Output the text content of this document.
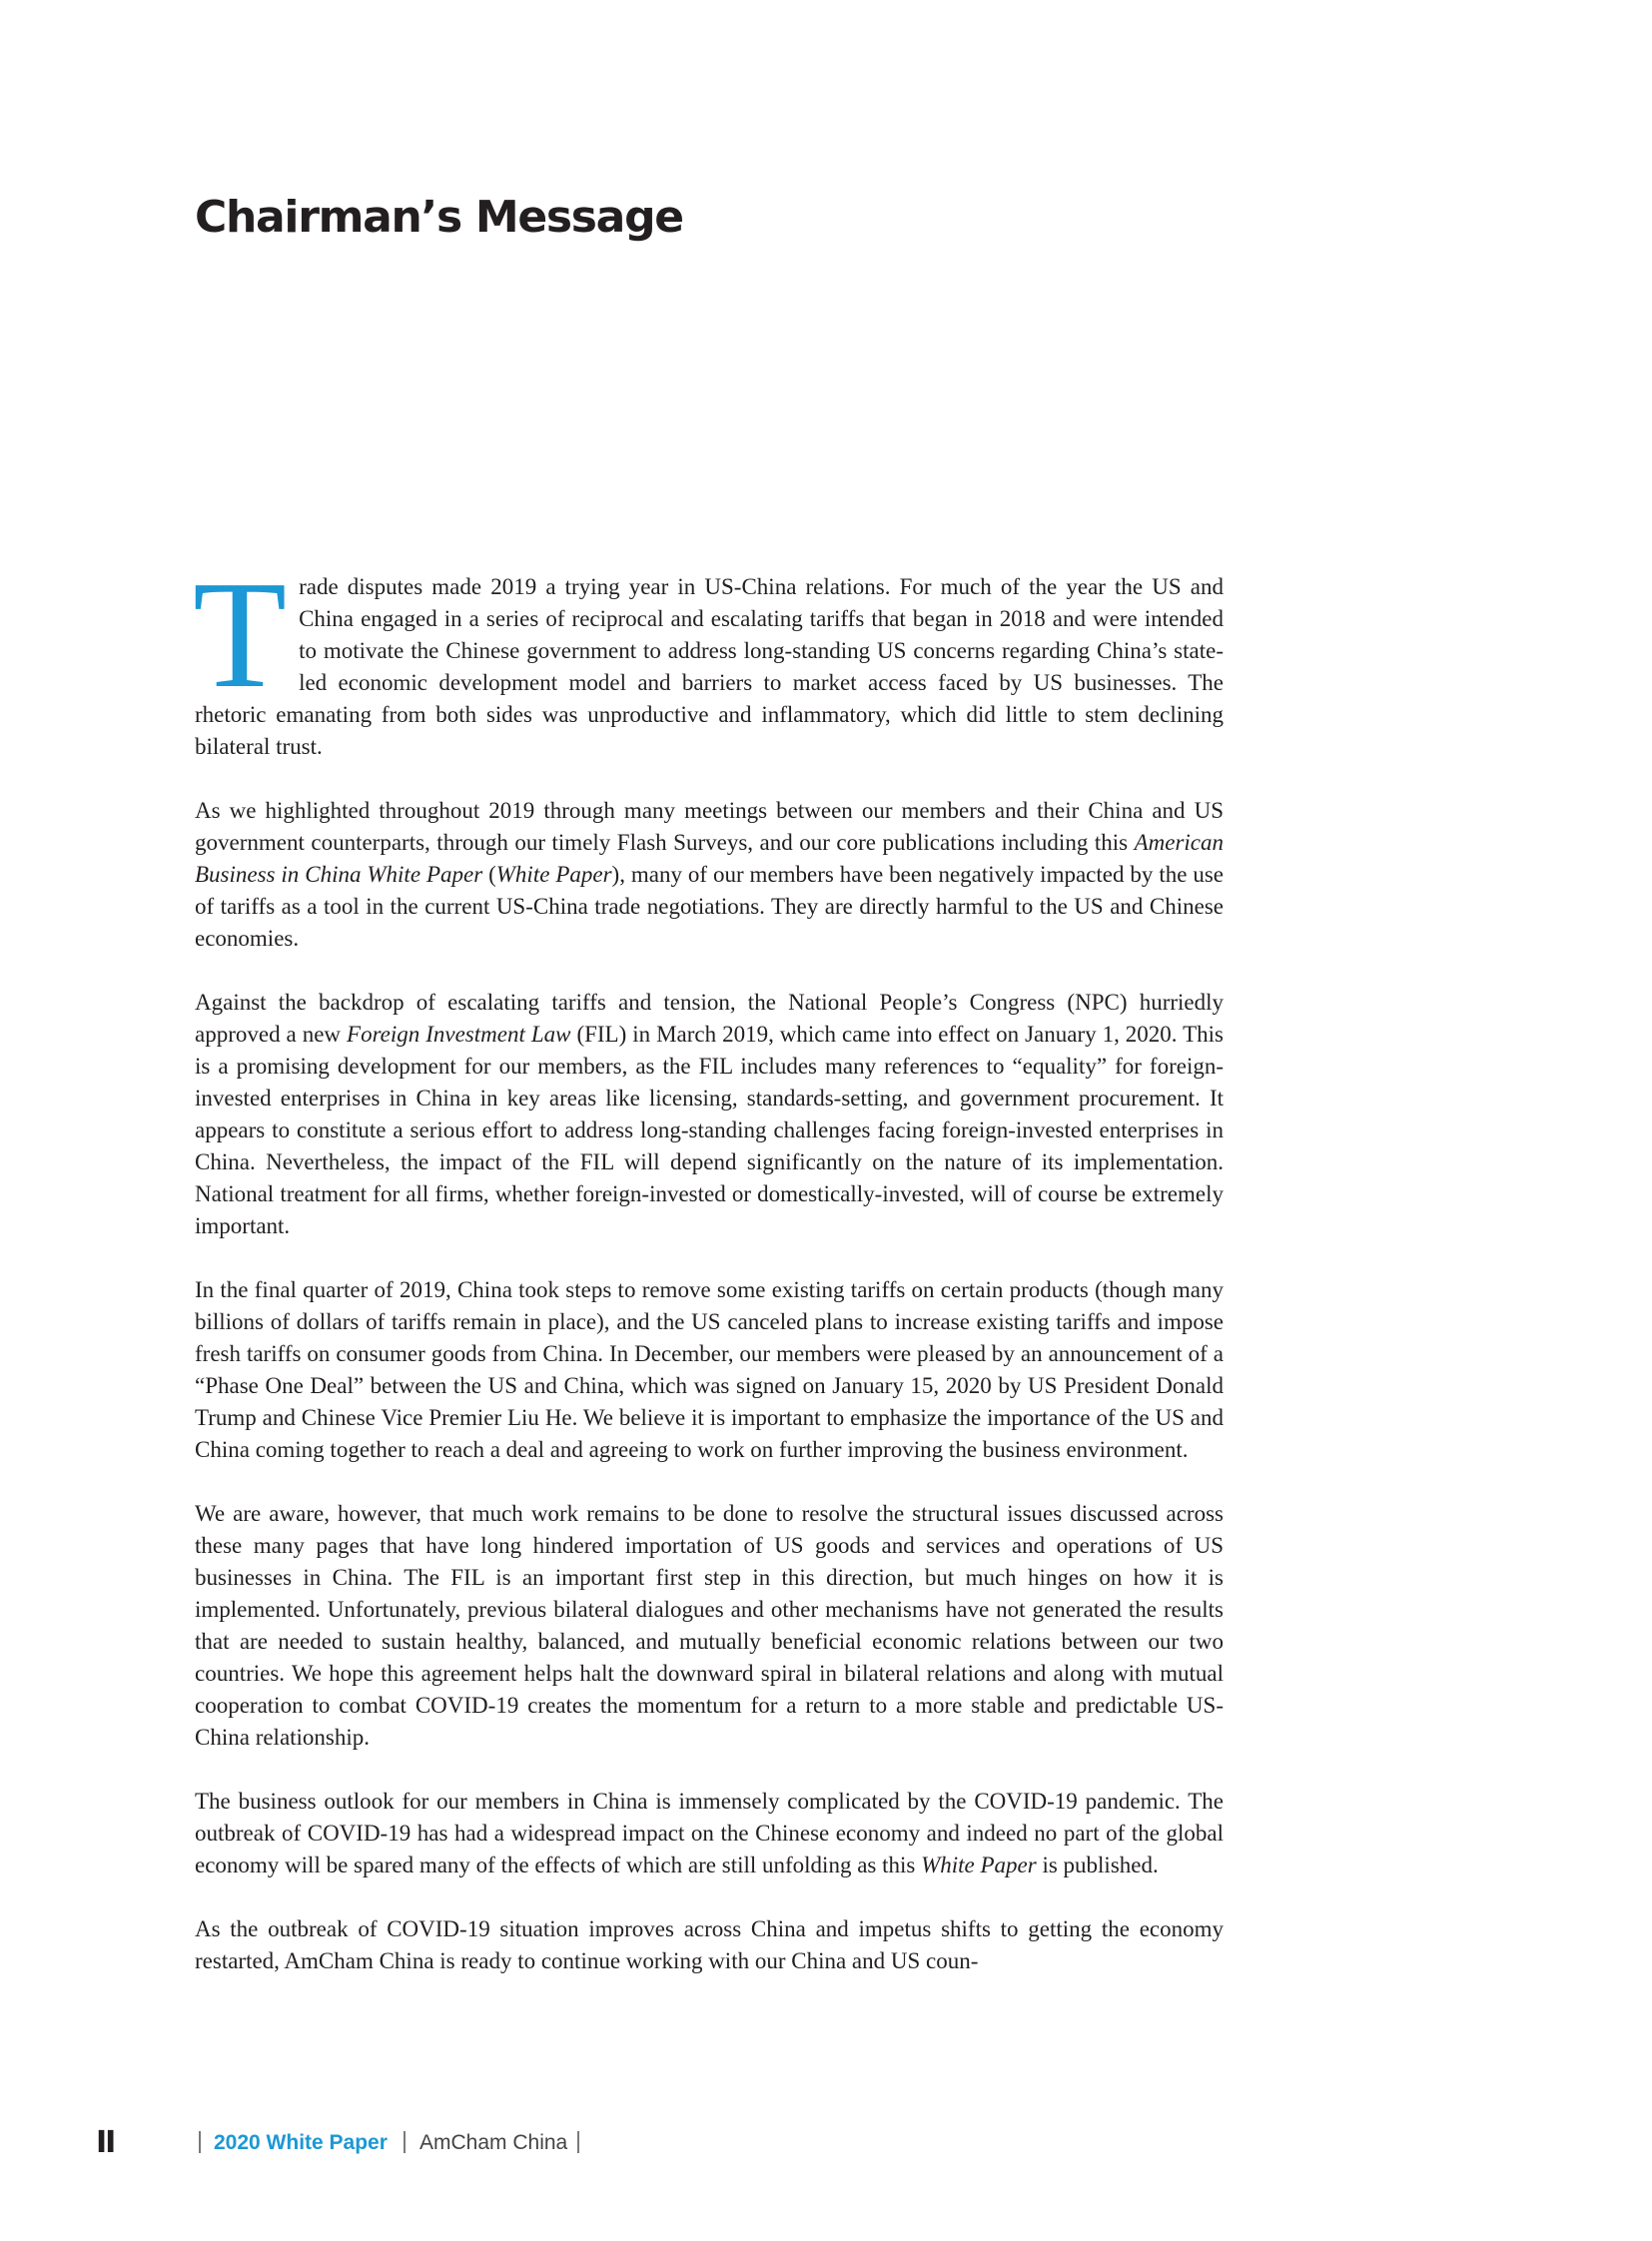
Chairman’s Message

Trade disputes made 2019 a trying year in US-China relations. For much of the year the US and China engaged in a series of reciprocal and escalating tariffs that began in 2018 and were intended to motivate the Chinese government to address long-standing US concerns regarding China’s state-led economic development model and barriers to market access faced by US businesses. The rhetoric emanating from both sides was unproductive and inflammatory, which did little to stem declining bilateral trust.

As we highlighted throughout 2019 through many meetings between our members and their China and US government counterparts, through our timely Flash Surveys, and our core publications including this American Business in China White Paper (White Paper), many of our members have been negatively impacted by the use of tariffs as a tool in the current US-China trade negotiations. They are directly harmful to the US and Chinese economies.

Against the backdrop of escalating tariffs and tension, the National People’s Congress (NPC) hurriedly approved a new Foreign Investment Law (FIL) in March 2019, which came into effect on January 1, 2020. This is a promising development for our members, as the FIL includes many references to “equality” for foreign-invested enterprises in China in key areas like licensing, standards-setting, and government procurement. It appears to constitute a serious effort to address long-standing challenges facing foreign-invested enterprises in China. Nevertheless, the impact of the FIL will depend significantly on the nature of its implementation. National treatment for all firms, whether foreign-invested or domestically-invested, will of course be extremely important.

In the final quarter of 2019, China took steps to remove some existing tariffs on certain products (though many billions of dollars of tariffs remain in place), and the US canceled plans to increase existing tariffs and impose fresh tariffs on consumer goods from China. In December, our members were pleased by an announcement of a “Phase One Deal” between the US and China, which was signed on January 15, 2020 by US President Donald Trump and Chinese Vice Premier Liu He. We believe it is important to emphasize the importance of the US and China coming together to reach a deal and agreeing to work on further improving the business environment.

We are aware, however, that much work remains to be done to resolve the structural issues discussed across these many pages that have long hindered importation of US goods and services and operations of US businesses in China. The FIL is an important first step in this direction, but much hinges on how it is implemented. Unfortunately, previous bilateral dialogues and other mechanisms have not generated the results that are needed to sustain healthy, balanced, and mutually beneficial economic relations between our two countries. We hope this agreement helps halt the downward spiral in bilateral relations and along with mutual cooperation to combat COVID-19 creates the momentum for a return to a more stable and predictable US-China relationship.

The business outlook for our members in China is immensely complicated by the COVID-19 pandemic. The outbreak of COVID-19 has had a widespread impact on the Chinese economy and indeed no part of the global economy will be spared many of the effects of which are still unfolding as this White Paper is published.

As the outbreak of COVID-19 situation improves across China and impetus shifts to getting the economy restarted, AmCham China is ready to continue working with our China and US coun-

II	2020 White Paper AmCham China
